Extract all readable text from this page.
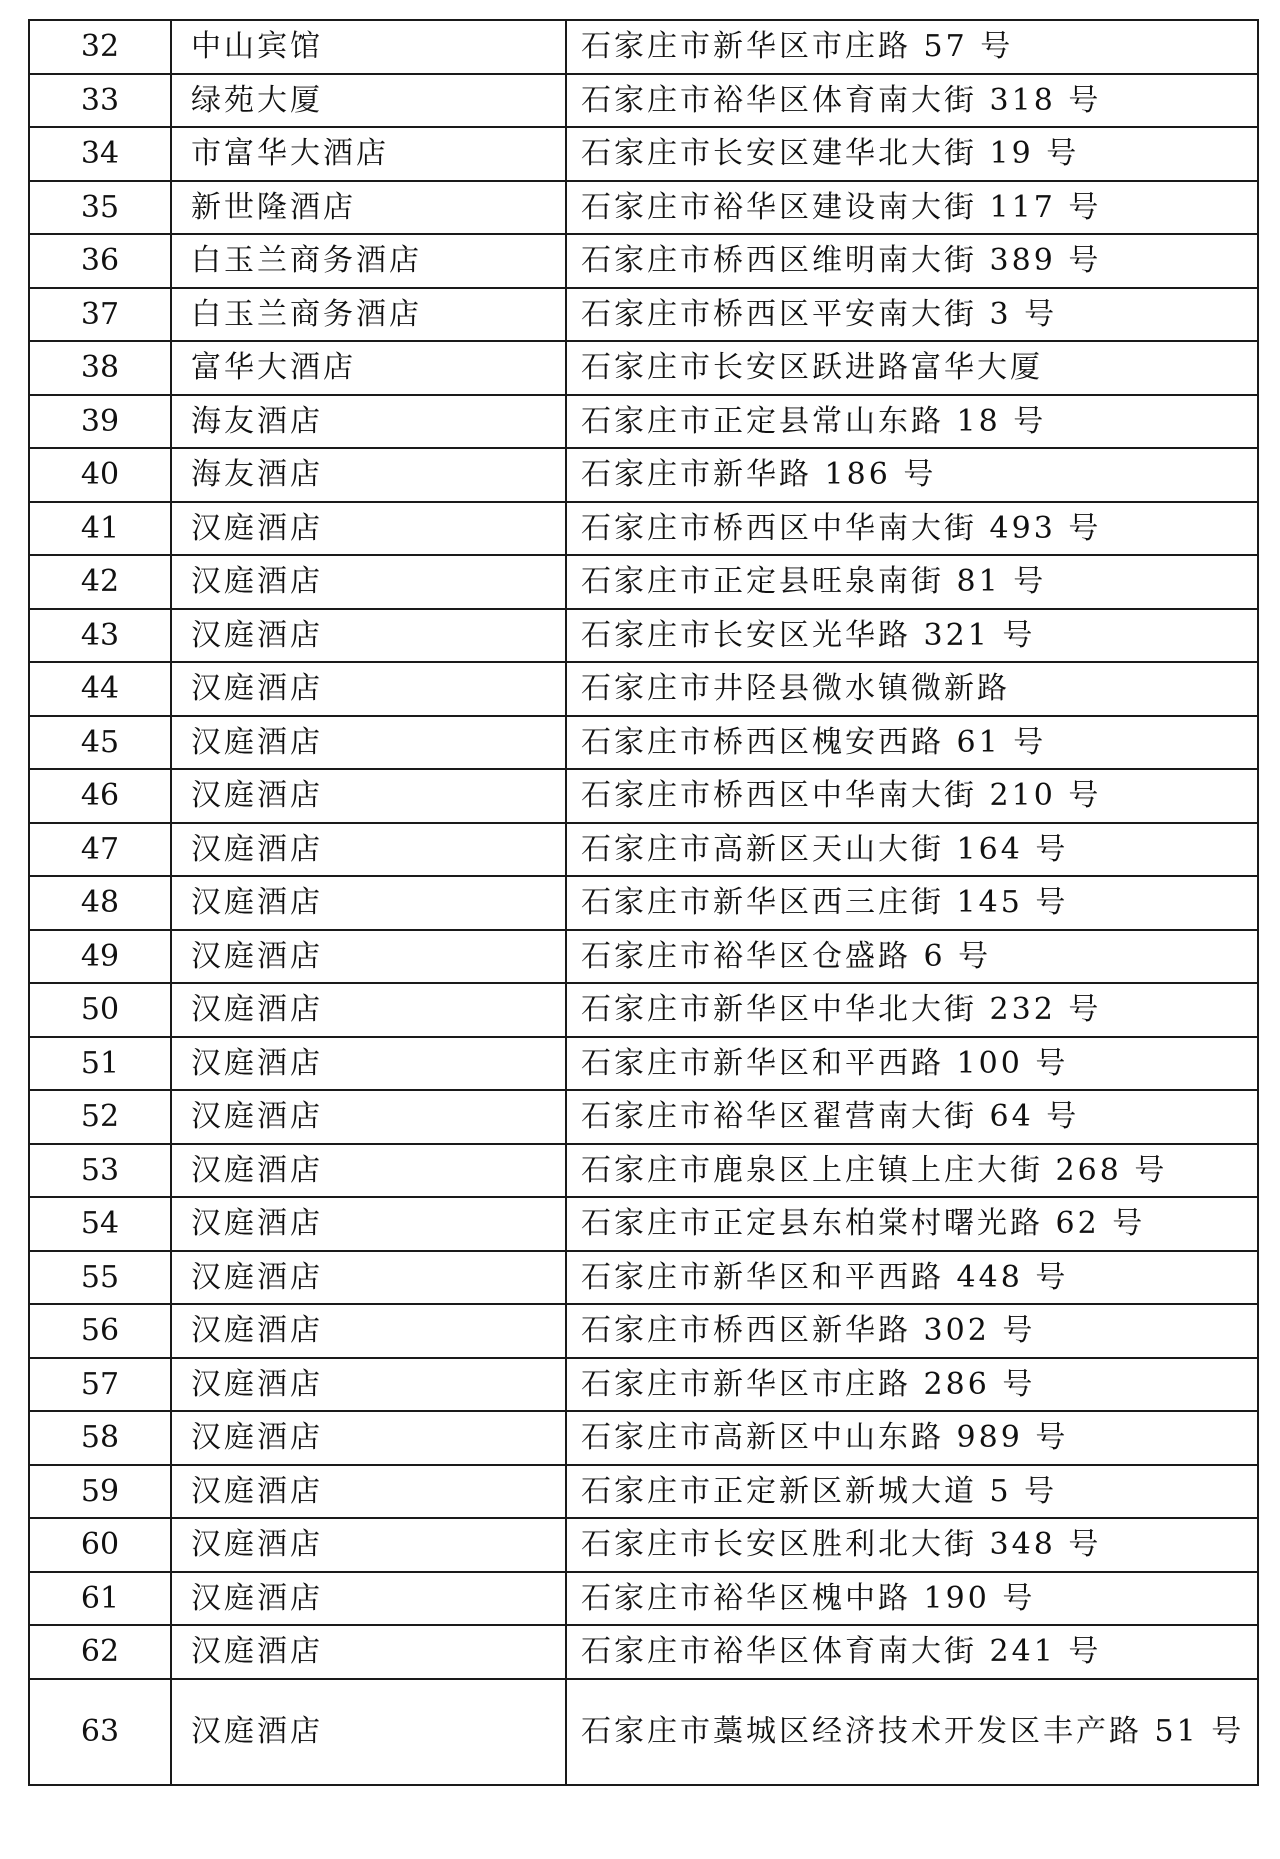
32	中山宾馆	石家庄市新华区市庄路 57 号
33	绿苑大厦	石家庄市裕华区体育南大街 318 号
34	市富华大酒店	石家庄市长安区建华北大街 19 号
35	新世隆酒店	石家庄市裕华区建设南大街 117 号
36	白玉兰商务酒店	石家庄市桥西区维明南大街 389 号
37	白玉兰商务酒店	石家庄市桥西区平安南大街 3 号
38	富华大酒店	石家庄市长安区跃进路富华大厦
39	海友酒店	石家庄市正定县常山东路 18 号
40	海友酒店	石家庄市新华路 186 号
41	汉庭酒店	石家庄市桥西区中华南大街 493 号
42	汉庭酒店	石家庄市正定县旺泉南街 81 号
43	汉庭酒店	石家庄市长安区光华路 321 号
44	汉庭酒店	石家庄市井陉县微水镇微新路
45	汉庭酒店	石家庄市桥西区槐安西路 61 号
46	汉庭酒店	石家庄市桥西区中华南大街 210 号
47	汉庭酒店	石家庄市高新区天山大街 164 号
48	汉庭酒店	石家庄市新华区西三庄街 145 号
49	汉庭酒店	石家庄市裕华区仓盛路 6 号
50	汉庭酒店	石家庄市新华区中华北大街 232 号
51	汉庭酒店	石家庄市新华区和平西路 100 号
52	汉庭酒店	石家庄市裕华区翟营南大街 64 号
53	汉庭酒店	石家庄市鹿泉区上庄镇上庄大街 268 号
54	汉庭酒店	石家庄市正定县东柏棠村曙光路 62 号
55	汉庭酒店	石家庄市新华区和平西路 448 号
56	汉庭酒店	石家庄市桥西区新华路 302 号
57	汉庭酒店	石家庄市新华区市庄路 286 号
58	汉庭酒店	石家庄市高新区中山东路 989 号
59	汉庭酒店	石家庄市正定新区新城大道 5 号
60	汉庭酒店	石家庄市长安区胜利北大街 348 号
61	汉庭酒店	石家庄市裕华区槐中路 190 号
62	汉庭酒店	石家庄市裕华区体育南大街 241 号
63	汉庭酒店	石家庄市藁城区经济技术开发区丰产路 51 号
